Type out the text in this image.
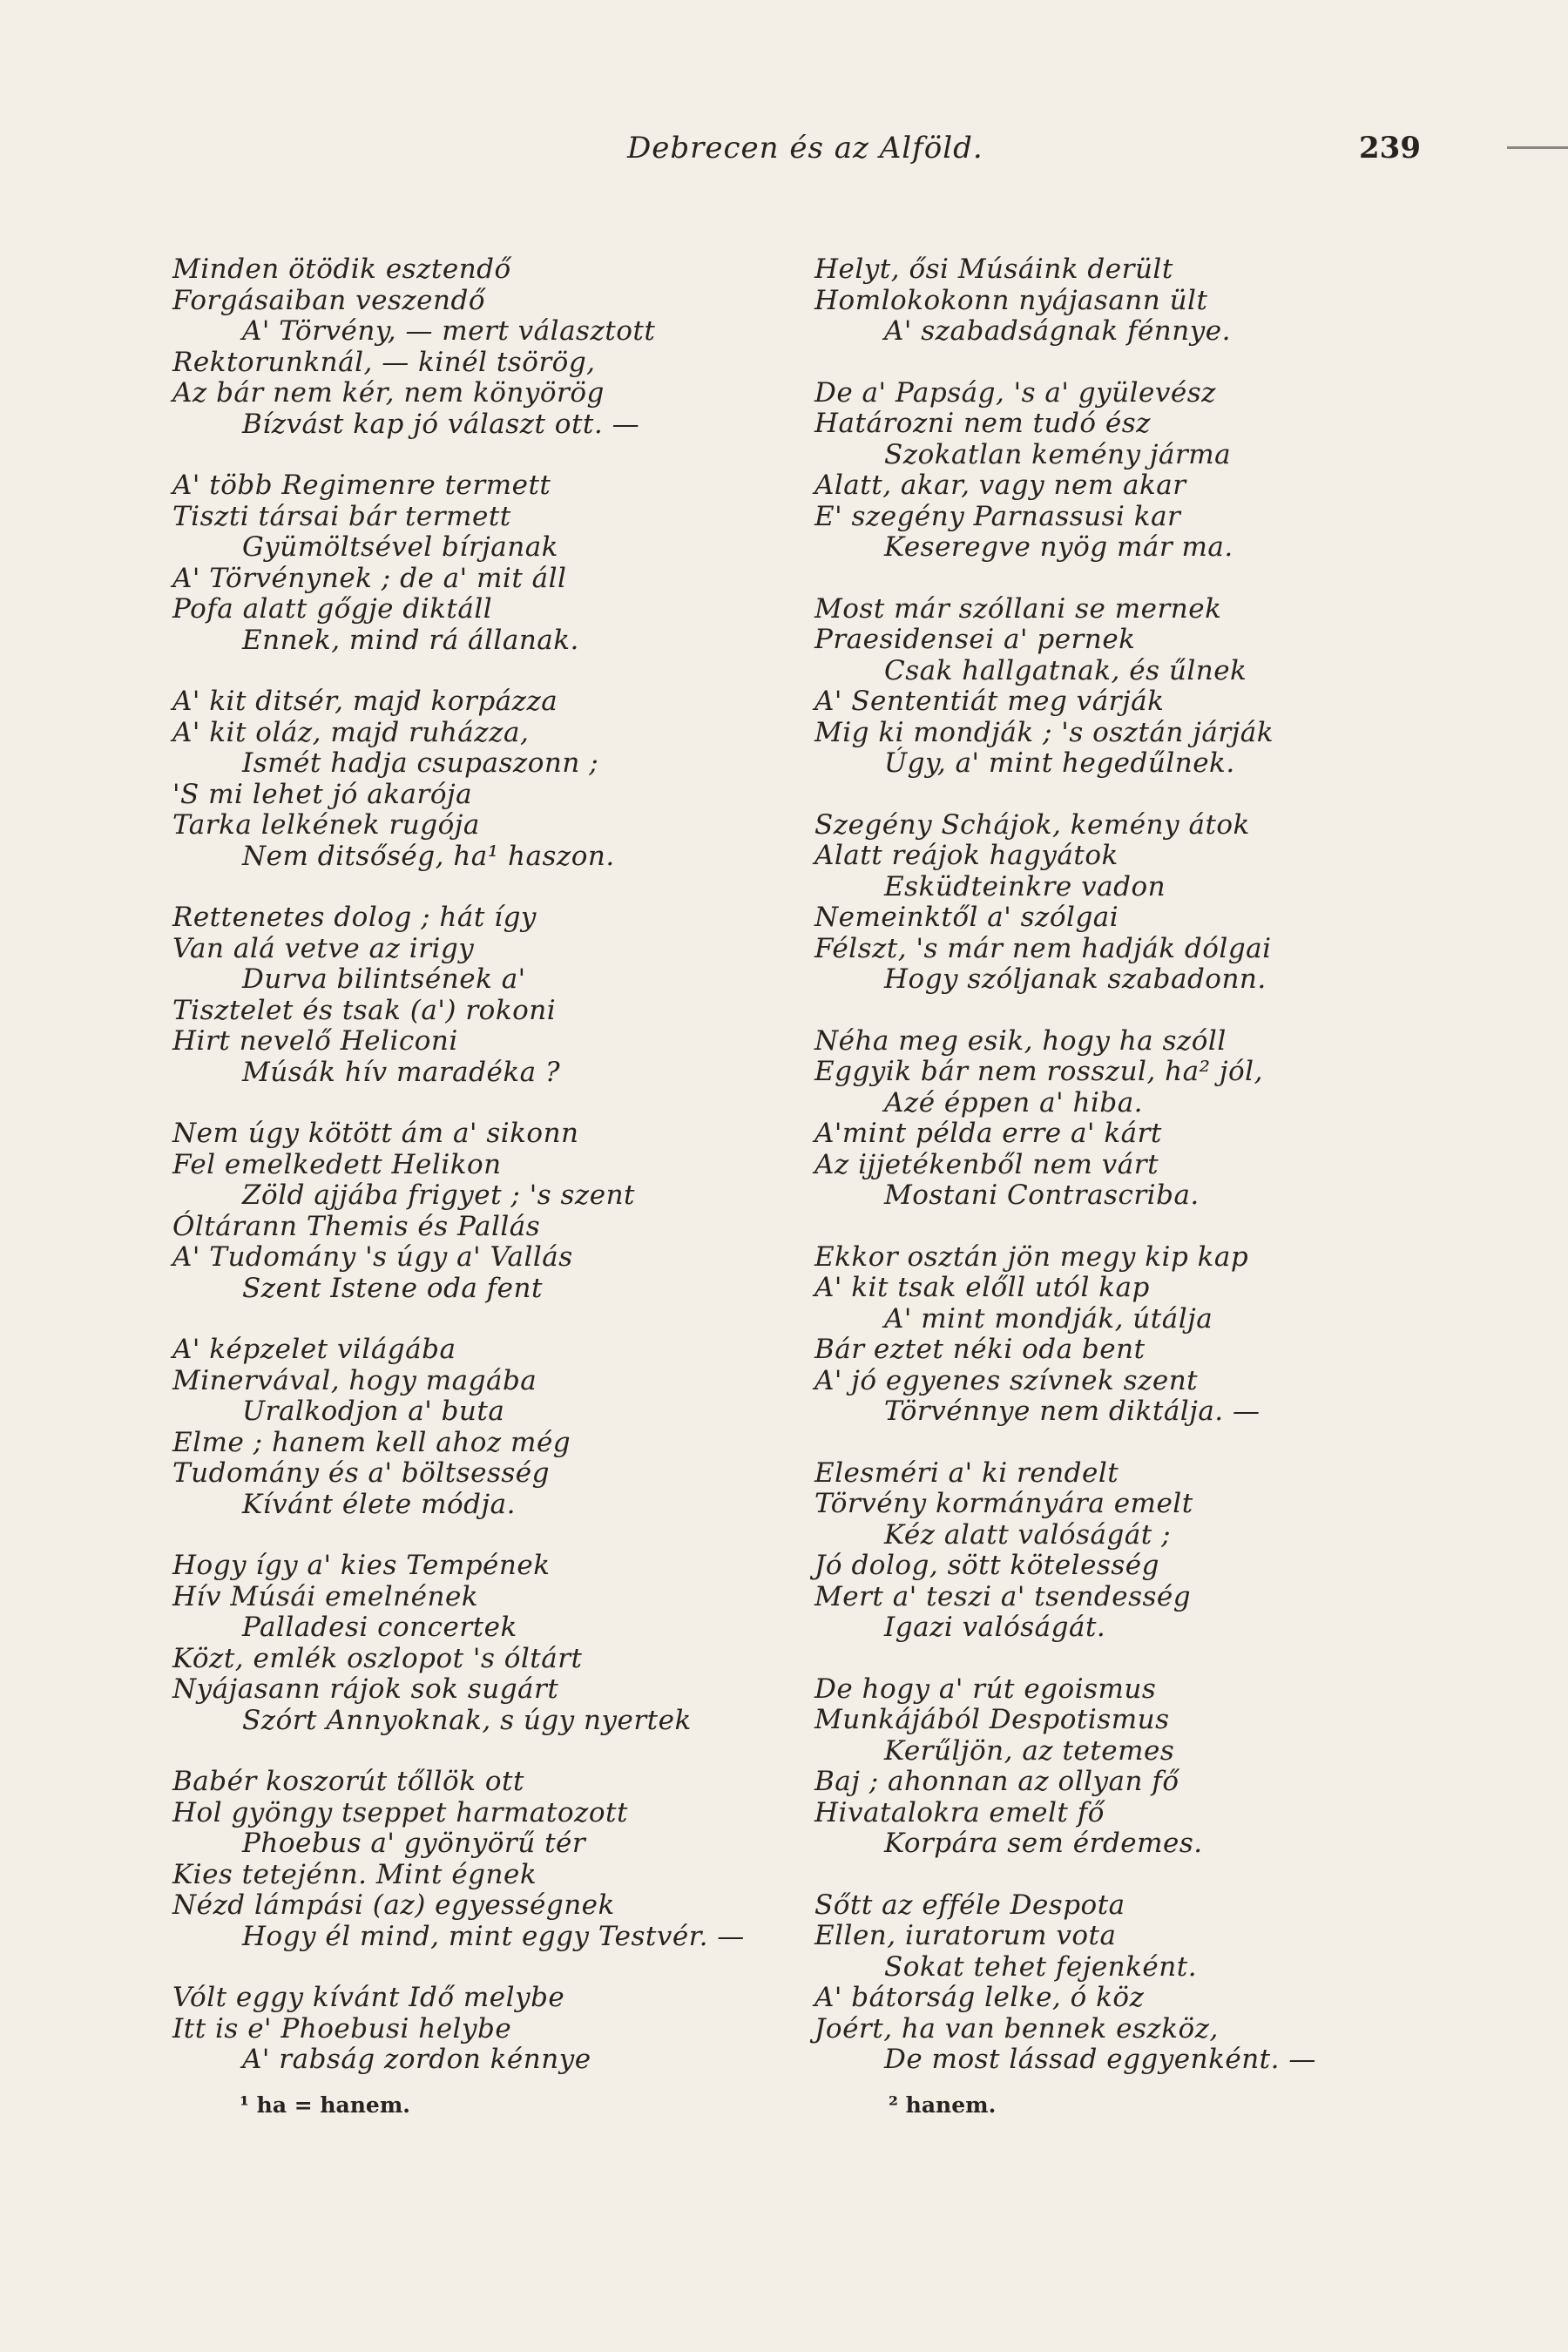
Debrecen és az Alföld.	239
Minden ötödik esztendő
Forgásaiban veszendő
A' Törvény, — mert választott
Rektorunknál, — kinél tsörög,
Az bár nem kér, nem könyörög
Bízvást kap jó választ ott. —
A' több Regimenre termett
Tiszti társai bár termett
Gyümöltsével bírjanak
A' Törvénynek ; de a' mit áll
Pofa alatt gőgje diktáll
Ennek, mind rá állanak.
A' kit ditsér, majd korpázza
A' kit oláz, majd ruházza,
Ismét hadja csupaszonn ;
'S mi lehet jó akarója
Tarka lelkének rugója
Nem ditsőség, ha¹ haszon.
Rettenetes dolog ; hát így
Van alá vetve az irigy
Durva bilintsének a'
Tisztelet és tsak (a') rokoni
Hirt nevelő Heliconi
Músák hív maradéka ?
Nem úgy kötött ám a' sikonn
Fel emelkedett Helikon
Zöld ajjába frigyet ; 's szent
Óltárann Themis és Pallás
A' Tudomány 's úgy a' Vallás
Szent Istene oda fent
A' képzelet világába
Minervával, hogy magába
Uralkodjon a' buta
Elme ; hanem kell ahoz még
Tudomány és a' böltsesség
Kívánt élete módja.
Hogy így a' kies Tempének
Hív Músái emelnének
Palladesi concertek
Közt, emlék oszlopot 's óltárt
Nyájasann rájok sok sugárt
Szórt Annyoknak, s úgy nyertek
Babér koszorút tőllök ott
Hol gyöngy tseppet harmatozott
Phoebus a' gyönyörű tér
Kies tetejénn. Mint égnek
Nézd lámpási (az) egyességnek
Hogy él mind, mint eggy Testvér. —
Vólt eggy kívánt Idő melybe
Itt is e' Phoebusi helybe
A' rabság zordon kénnye
Helyt, ősi Músáink derült
Homlokokonn nyájasann ült
A' szabadságnak fénnye.
De a' Papság, 's a' gyülevész
Határozni nem tudó ész
Szokatlan kemény járma
Alatt, akar, vagy nem akar
E' szegény Parnassusi kar
Keseregve nyög már ma.
Most már szóllani se mernek
Praesidensei a' pernek
Csak hallgatnak, és űlnek
A' Sententiát meg várják
Mig ki mondják ; 's osztán járják
Úgy, a' mint hegedűlnek.
Szegény Schájok, kemény átok
Alatt reájok hagyátok
Esküdteinkre vadon
Nemeinktől a' szólgai
Félszt, 's már nem hadják dólgai
Hogy szóljanak szabadonn.
Néha meg esik, hogy ha szóll
Eggyik bár nem rosszul, ha² jól,
Azé éppen a' hiba.
A'mint példa erre a' kárt
Az ijjetékenből nem várt
Mostani Contrascriba.
Ekkor osztán jön megy kip kap
A' kit tsak előll utól kap
A' mint mondják, útálja
Bár eztet néki oda bent
A' jó egyenes szívnek szent
Törvénnye nem diktálja. —
Elesméri a' ki rendelt
Törvény kormányára emelt
Kéz alatt valóságát ;
Jó dolog, sött kötelesség
Mert a' teszi a' tsendesség
Igazi valóságát.
De hogy a' rút egoismus
Munkájából Despotismus
Kerűljön, az tetemes
Baj ; ahonnan az ollyan fő
Hivatalokra emelt fő
Korpára sem érdemes.
Sőtt az efféle Despota
Ellen, iuratorum vota
Sokat tehet fejenként.
A' bátorság lelke, ó köz
Joért, ha van bennek eszköz,
De most lássad eggyenként. —
¹ ha = hanem.	² hanem.
